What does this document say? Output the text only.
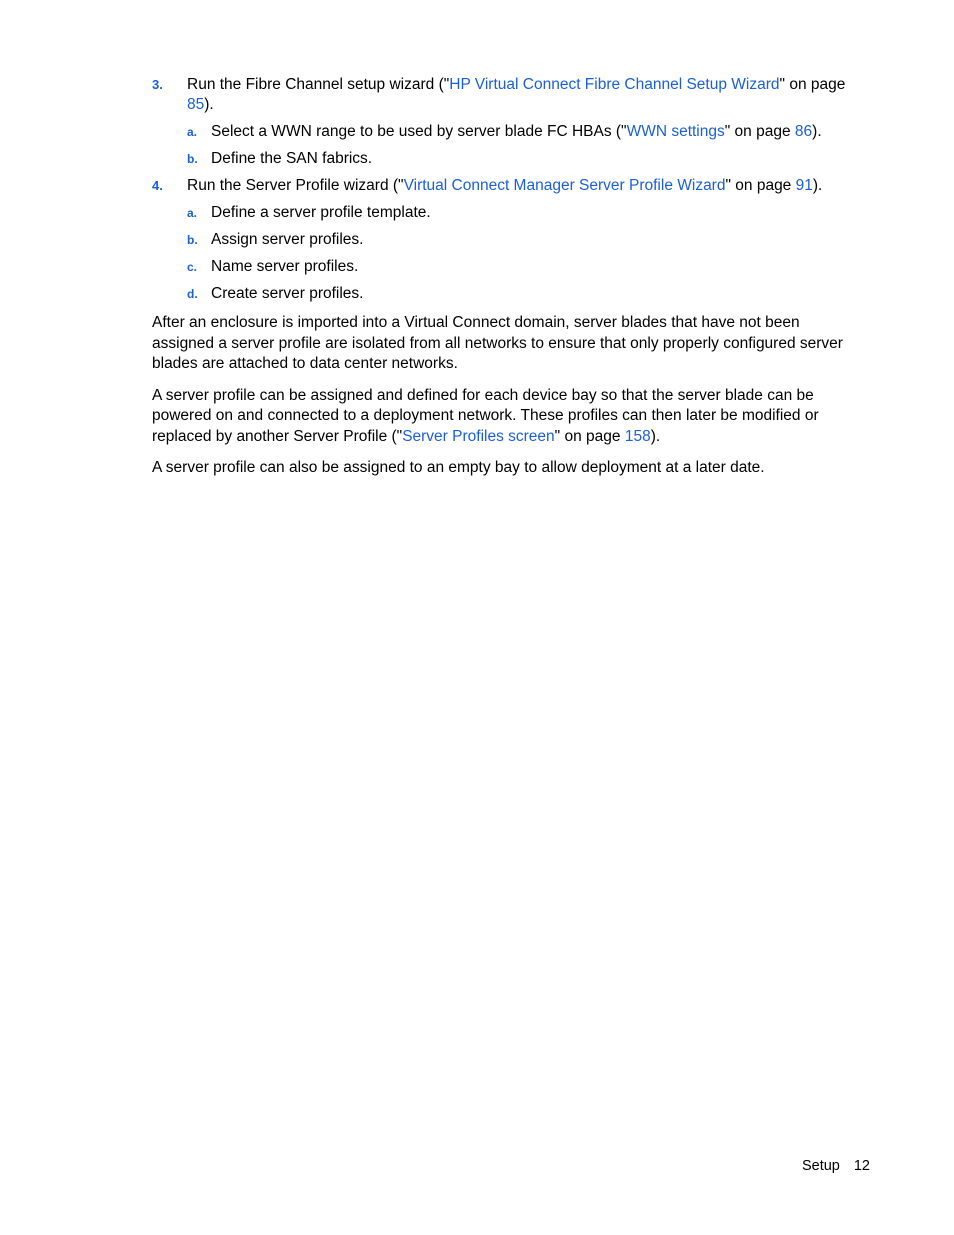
3. Run the Fibre Channel setup wizard ("HP Virtual Connect Fibre Channel Setup Wizard" on page 85).
a. Select a WWN range to be used by server blade FC HBAs ("WWN settings" on page 86).
b. Define the SAN fabrics.
4. Run the Server Profile wizard ("Virtual Connect Manager Server Profile Wizard" on page 91).
a. Define a server profile template.
b. Assign server profiles.
c. Name server profiles.
d. Create server profiles.

After an enclosure is imported into a Virtual Connect domain, server blades that have not been assigned a server profile are isolated from all networks to ensure that only properly configured server blades are attached to data center networks.

A server profile can be assigned and defined for each device bay so that the server blade can be powered on and connected to a deployment network. These profiles can then later be modified or replaced by another Server Profile ("Server Profiles screen" on page 158).

A server profile can also be assigned to an empty bay to allow deployment at a later date.

Setup 12
